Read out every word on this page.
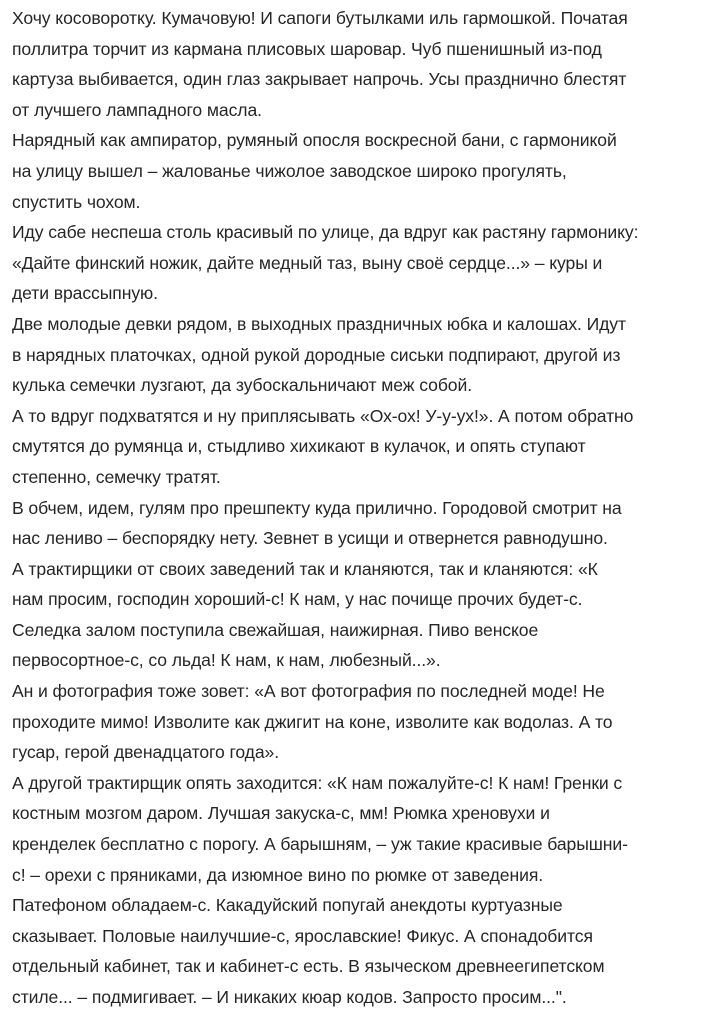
Хочу косоворотку. Кумачовую! И сапоги бутылками иль гармошкой. Початая
поллитра торчит из кармана плисовых шаровар. Чуб пшенишный из-под
картуза выбивается, один глаз закрывает напрочь. Усы празднично блестят
от лучшего лампадного масла.

Нарядный как ампиратор, румяный опосля воскресной бани, с гармоникой
на улицу вышел – жалованье чижолое заводское широко прогулять,
спустить чохом.

Иду сабе неспеша столь красивый по улице, да вдруг как растяну гармонику:
«Дайте финский ножик, дайте медный таз, выну своё сердце...» – куры и
дети врассыпную.

Две молодые девки рядом, в выходных праздничных юбка и калошах. Идут
в нарядных платочках, одной рукой дородные сиськи подпирают, другой из
кулька семечки лузгают, да зубоскальничают меж собой.

А то вдруг подхватятся и ну приплясывать «Ох-ох! У-у-ух!». А потом обратно
смутятся до румянца и, стыдливо хихикают в кулачок, и опять ступают
степенно, семечку тратят.

В обчем, идем, гулям про прешпекту куда прилично. Городовой смотрит на
нас лениво – беспорядку нету. Зевнет в усищи и отвернется равнодушно.

А трактирщики от своих заведений так и кланяются, так и кланяются: «К
нам просим, господин хороший-с! К нам, у нас почище прочих будет-с.
Селедка залом поступила свежайшая, наижирная. Пиво венское
первосортное-с, со льда! К нам, к нам, любезный...».

Ан и фотография тоже зовет: «А вот фотография по последней моде! Не
проходите мимо! Изволите как джигит на коне, изволите как водолаз. А то
гусар, герой двенадцатого года».

А другой трактирщик опять заходится: «К нам пожалуйте-с! К нам! Гренки с
костным мозгом даром. Лучшая закуска-с, мм! Рюмка хреновухи и
кренделек бесплатно с порогу. А барышням, – уж такие красивые барышни-
с! – орехи с пряниками, да изюмное вино по рюмке от заведения.
Патефоном обладаем-с. Какадуйский попугай анекдоты куртуазные
сказывает. Половые наилучшие-с, ярославские! Фикус. А спонадобится
отдельный кабинет, так и кабинет-с есть. В языческом древнеегипетском
стиле... – подмигивает. – И никаких кюар кодов. Запросто просим...".
